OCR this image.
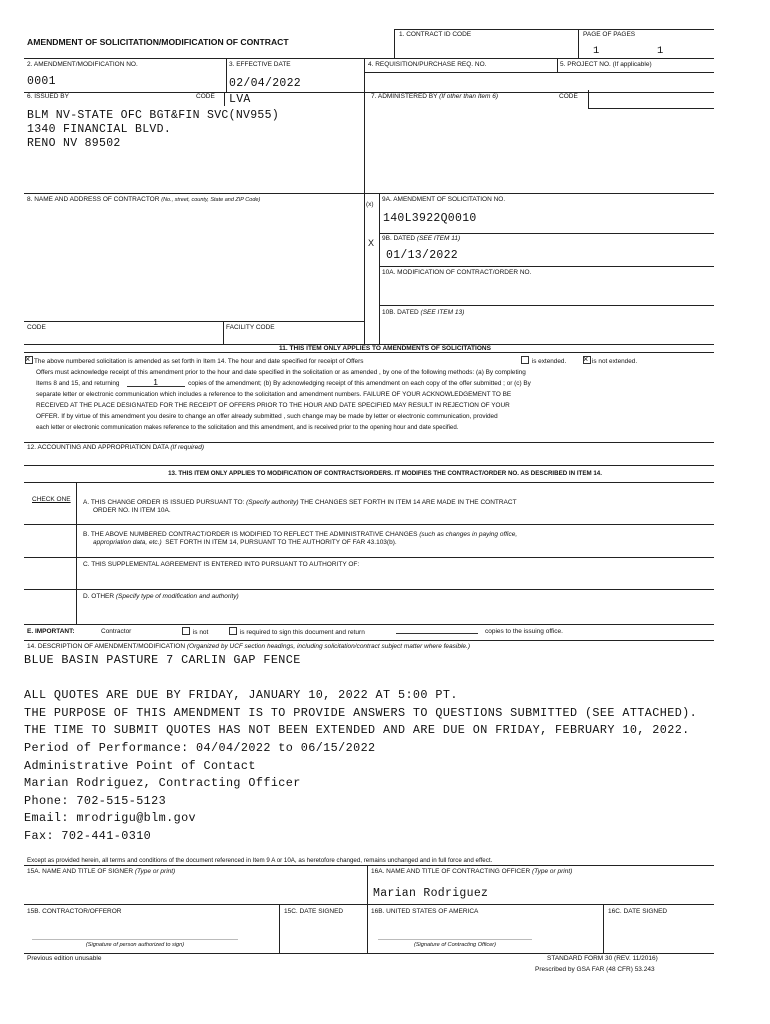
AMENDMENT OF SOLICITATION/MODIFICATION OF CONTRACT
1. CONTRACT ID CODE	PAGE OF PAGES
1	1
2. AMENDMENT/MODIFICATION NO.
0001
3. EFFECTIVE DATE
02/04/2022
4. REQUISITION/PURCHASE REQ. NO.	5. PROJECT NO. (If applicable)
6. ISSUED BY	CODE LVA
BLM NV-STATE OFC BGT&FIN SVC(NV955)
1340 FINANCIAL BLVD.
RENO NV 89502
7. ADMINISTERED BY (If other than Item 6)	CODE
8. NAME AND ADDRESS OF CONTRACTOR (No., street, county, State and ZIP Code)
CODE	FACILITY CODE
(x)
9A. AMENDMENT OF SOLICITATION NO.
140L3922Q0010
X 9B. DATED (SEE ITEM 11)
01/13/2022
10A. MODIFICATION OF CONTRACT/ORDER NO.
10B. DATED (SEE ITEM 13)
11. THIS ITEM ONLY APPLIES TO AMENDMENTS OF SOLICITATIONS
×The above numbered solicitation is amended as set forth in Item 14. The hour and date specified for receipt of Offers	is extended.
×	is not extended.
Offers must acknowledge receipt of this amendment prior to the hour and date specified in the solicitation or as amended , by one of the following methods: (a) By completing
Items 8 and 15, and returning	1	copies of the amendment; (b) By acknowledging receipt of this amendment on each copy of the offer submitted ; or (c) By
separate letter or electronic communication which includes a reference to the solicitation and amendment numbers. FAILURE OF YOUR ACKNOWLEDGEMENT TO BE
RECEIVED AT THE PLACE DESIGNATED FOR THE RECEIPT OF OFFERS PRIOR TO THE HOUR AND DATE SPECIFIED MAY RESULT IN REJECTION OF YOUR
OFFER. If by virtue of this amendment you desire to change an offer already submitted , such change may be made by letter or electronic communication, provided
each letter or electronic communication makes reference to the solicitation and this amendment, and is received prior to the opening hour and date specified.
12. ACCOUNTING AND APPROPRIATION DATA (If required)
13. THIS ITEM ONLY APPLIES TO MODIFICATION OF CONTRACTS/ORDERS. IT MODIFIES THE CONTRACT/ORDER NO. AS DESCRIBED IN ITEM 14.
CHECK ONE A. THIS CHANGE ORDER IS ISSUED PURSUANT TO: (Specify authority) THE CHANGES SET FORTH IN ITEM 14 ARE MADE IN THE CONTRACT
ORDER NO. IN ITEM 10A.
B. THE ABOVE NUMBERED CONTRACT/ORDER IS MODIFIED TO REFLECT THE ADMINISTRATIVE CHANGES (such as changes in paying office,
appropriation data, etc.)  SET FORTH IN ITEM 14, PURSUANT TO THE AUTHORITY OF FAR 43.103(b).
C. THIS SUPPLEMENTAL AGREEMENT IS ENTERED INTO PURSUANT TO AUTHORITY OF:
D. OTHER (Specify type of modification and authority)
E. IMPORTANT:	Contractor	is not	is required to sign this document and return	copies to the issuing office.
14. DESCRIPTION OF AMENDMENT/MODIFICATION (Organized by UCF section headings, including solicitation/contract subject matter where feasible.)
BLUE BASIN PASTURE 7 CARLIN GAP FENCE
ALL QUOTES ARE DUE BY FRIDAY, JANUARY 10, 2022 AT 5:00 PT.
THE PURPOSE OF THIS AMENDMENT IS TO PROVIDE ANSWERS TO QUESTIONS SUBMITTED (SEE ATTACHED).
THE TIME TO SUBMIT QUOTES HAS NOT BEEN EXTENDED AND ARE DUE ON FRIDAY, FEBRUARY 10, 2022.
Period of Performance: 04/04/2022 to 06/15/2022
Administrative Point of Contact
Marian Rodriguez, Contracting Officer
Phone: 702-515-5123
Email: mrodrigu@blm.gov
Fax: 702-441-0310
Except as provided herein, all terms and conditions of the document referenced in Item 9 A or 10A, as heretofore changed, remains unchanged and in full force and effect.
15A. NAME AND TITLE OF SIGNER (Type or print)	16A. NAME AND TITLE OF CONTRACTING OFFICER (Type or print)
Marian Rodriguez
15B. CONTRACTOR/OFFEROR	15C. DATE SIGNED	16B. UNITED STATES OF AMERICA	16C. DATE SIGNED
(Signature of person authorized to sign)	(Signature of Contracting Officer)
Previous edition unusable	STANDARD FORM 30 (REV. 11/2016)
Prescribed by GSA FAR (48 CFR) 53.243
